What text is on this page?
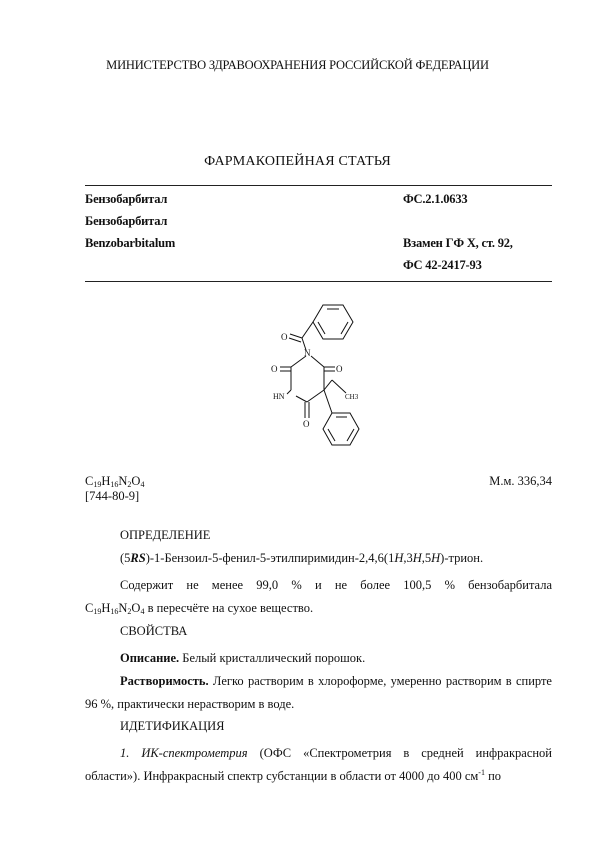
МИНИСТЕРСТВО ЗДРАВООХРАНЕНИЯ РОССИЙСКОЙ ФЕДЕРАЦИИ
ФАРМАКОПЕЙНАЯ СТАТЬЯ
Бензобарбитал	ФС.2.1.0633
Бензобарбитал
Benzobarbitalum	Взамен ГФ X, ст. 92,
ФС 42-2417-93
O
N
O	O
HN
O
CH3
$C_{19}H_{16}N_2O_4$
[744-80-9]
М.м. 336,34
ОПРЕДЕЛЕНИЕ
(5RS)-1-Бензоил-5-фенил-5-этилпиримидин-2,4,6(1H,3H,5H)-трион.
Содержит не менее 99,0 % и не более 100,5 % бензобарбитала
$C_{19}H_{16}N_2O_4$ в пересчёте на сухое вещество.
СВОЙСТВА
Описание. Белый кристаллический порошок.
Растворимость. Легко растворим в хлороформе, умеренно растворим в спирте 96 %, практически нерастворим в воде.
ИДЕТИФИКАЦИЯ
1. ИК-спектрометрия (ОФС «Спектрометрия в средней инфракрасной области»). Инфракрасный спектр субстанции в области от 4000 до 400 $см^{-1}$ по
